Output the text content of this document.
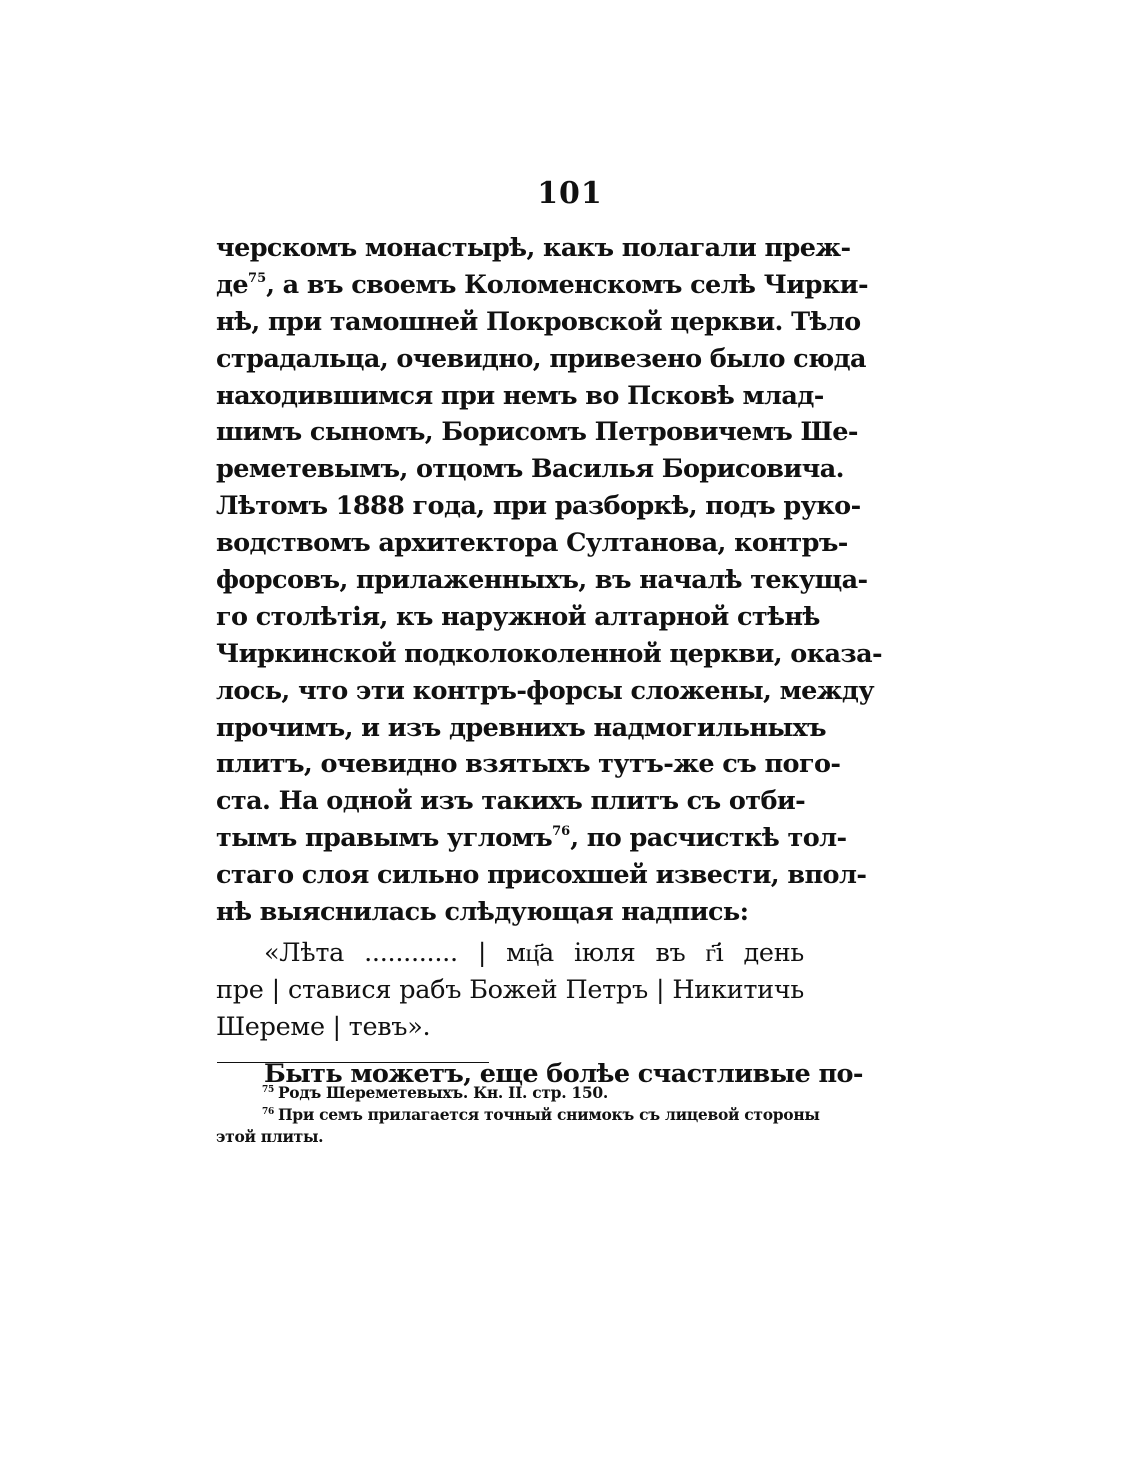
101
черскомъ монастырѣ, какъ полагали преж-
де$^{75}$, а въ своемъ Коломенскомъ селѣ Чирки-
нѣ, при тамошней Покровской церкви. Тѣло
страдальца, очевидно, привезено было сюда
находившимся при немъ во Псковѣ млад-
шимъ сыномъ, Борисомъ Петровичемъ Ше-
реметевымъ, отцомъ Василья Борисовича.
Лѣтомъ 1888 года, при разборкѣ, подъ руко-
водствомъ архитектора Султанова, контръ-
форсовъ, прилаженныхъ, въ началѣ текуща-
го столѣтія, къ наружной алтарной стѣнѣ
Чиркинской подколоколенной церкви, оказа-
лось, что эти контръ-форсы сложены, между
прочимъ, и изъ древнихъ надмогильныхъ
плитъ, очевидно взятыхъ тутъ-же съ пого-
ста. На одной изъ такихъ плитъ съ отби-
тымъ правымъ угломъ$^{76}$, по расчисткѣ тол-
стаго слоя сильно присохшей извести, впол-
нѣ выяснилась слѣдующая надпись:
«Лѣта ............ | мц҃а іюля въ г҃і день
пре | ставися рабъ Божей Петръ | Никитичь
Шереме | тевъ».
Быть можетъ, еще болѣе счастливые по-
$^{75}$ Родъ Шереметевыхъ. Кн. II. стр. 150.
$^{76}$ При семъ прилагается точный снимокъ съ лицевой стороны
этой плиты.
